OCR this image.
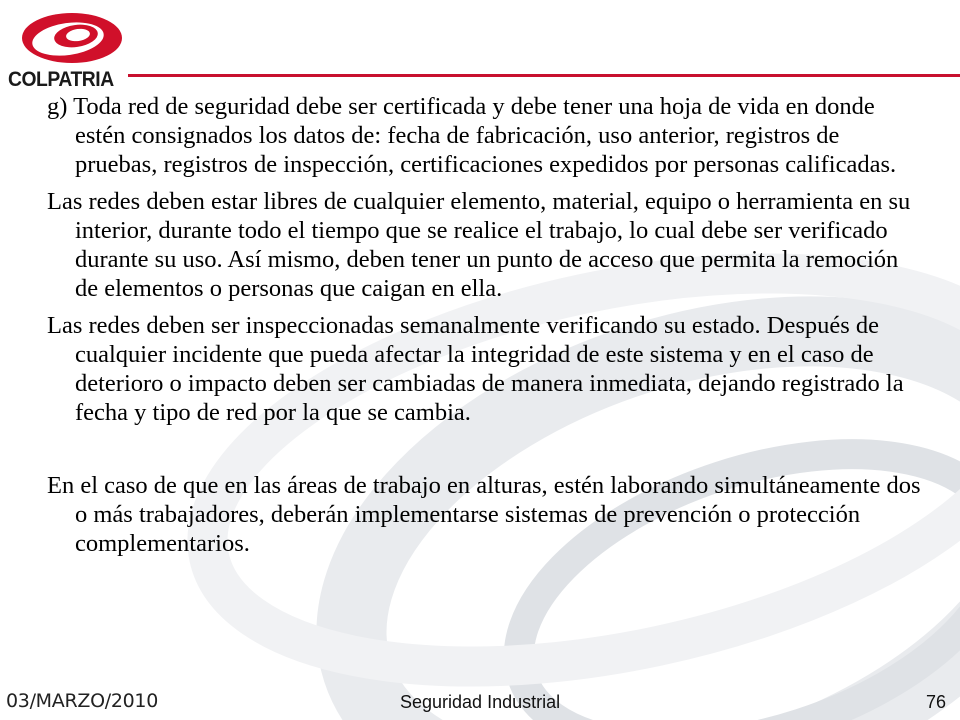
COLPATRIA

g) Toda red de seguridad debe ser certificada y debe tener una hoja de vida en donde estén consignados los datos de: fecha de fabricación, uso anterior, registros de pruebas, registros de inspección, certificaciones expedidos por personas calificadas.

Las redes deben estar libres de cualquier elemento, material, equipo o herramienta en su interior, durante todo el tiempo que se realice el trabajo, lo cual debe ser verificado durante su uso. Así mismo, deben tener un punto de acceso que permita la remoción de elementos o personas que caigan en ella.

Las redes deben ser inspeccionadas semanalmente verificando su estado. Después de cualquier incidente que pueda afectar la integridad de este sistema y en el caso de deterioro o impacto deben ser cambiadas de manera inmediata, dejando registrado la fecha y tipo de red por la que se cambia.

En el caso de que en las áreas de trabajo en alturas, estén laborando simultáneamente dos o más trabajadores, deberán implementarse sistemas de prevención o protección complementarios.

03/MARZO/2010	Seguridad Industrial	76
